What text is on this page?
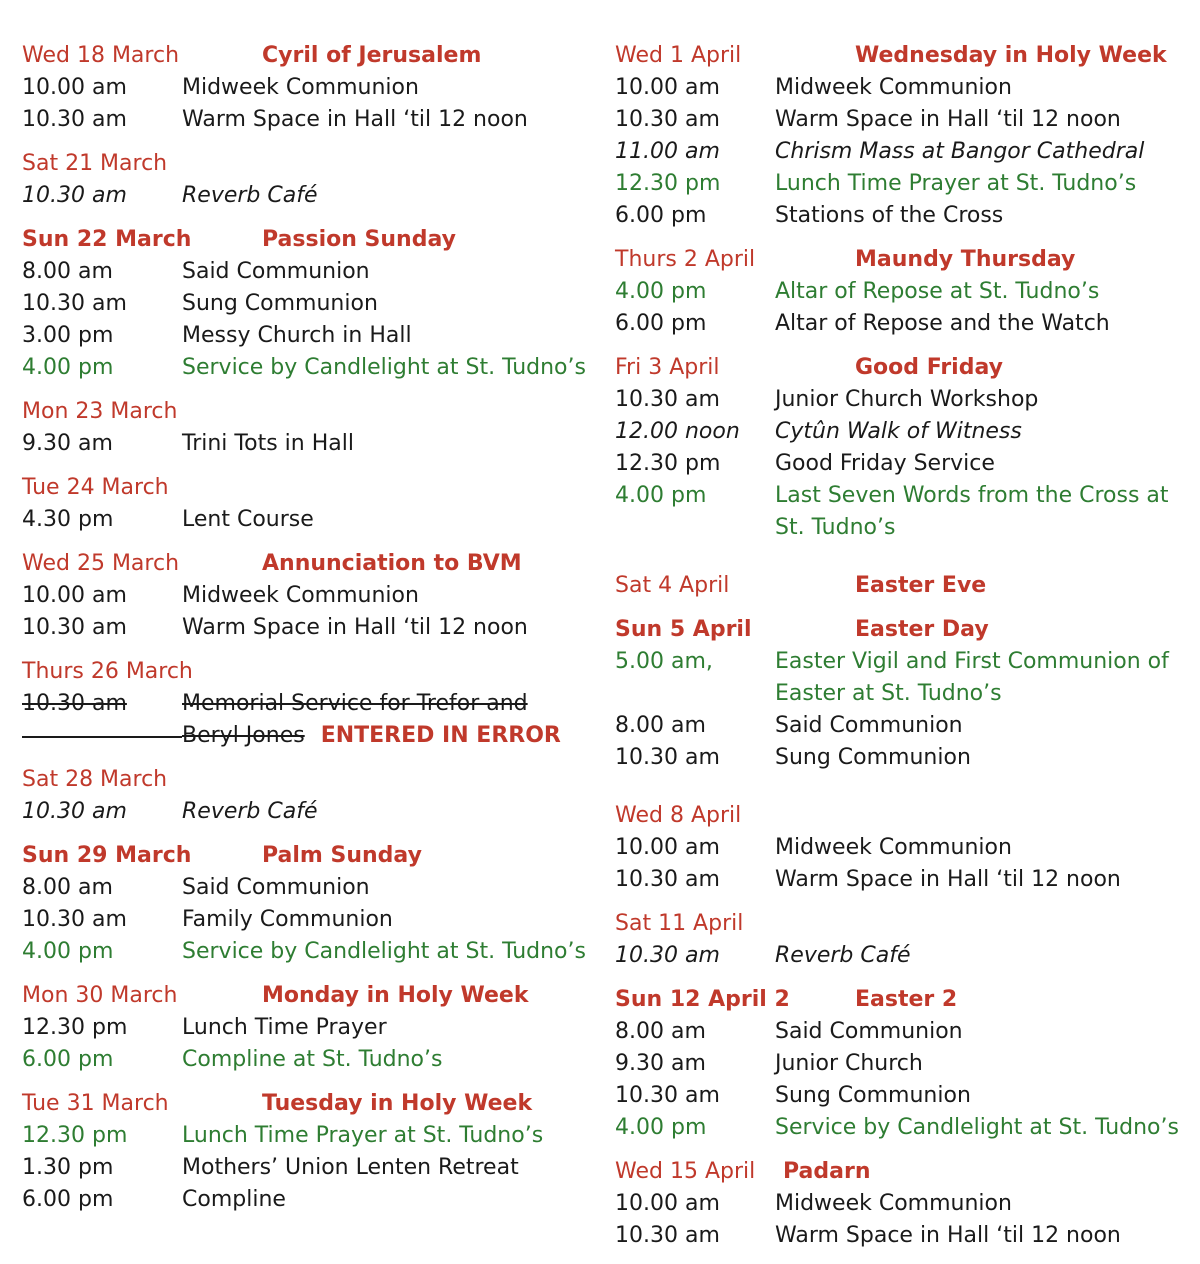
Wed 18 March	Cyril of Jerusalem
10.00 am	Midweek Communion
10.30 am	Warm Space in Hall ‘til 12 noon
Sat 21 March
10.30 am	Reverb Café
Sun 22 March	Passion Sunday
8.00 am	Said Communion
10.30 am	Sung Communion
3.00 pm	Messy Church in Hall
4.00 pm	Service by Candlelight at St. Tudno’s
Mon 23 March
9.30 am	Trini Tots in Hall
Tue 24 March
4.30 pm	Lent Course
Wed 25 March	Annunciation to BVM
10.00 am	Midweek Communion
10.30 am	Warm Space in Hall ‘til 12 noon
Thurs 26 March
10.30 am	Memorial Service for Trefor and
Beryl Jones ENTERED IN ERROR
Sat 28 March
10.30 am	Reverb Café
Sun 29 March	Palm Sunday
8.00 am	Said Communion
10.30 am	Family Communion
4.00 pm	Service by Candlelight at St. Tudno’s
Mon 30 March	Monday in Holy Week
12.30 pm	Lunch Time Prayer
6.00 pm	Compline at St. Tudno’s
Tue 31 March	Tuesday in Holy Week
12.30 pm	Lunch Time Prayer at St. Tudno’s
1.30 pm	Mothers’ Union Lenten Retreat
6.00 pm	Compline
Wed 1 April	Wednesday in Holy Week
10.00 am	Midweek Communion
10.30 am	Warm Space in Hall ‘til 12 noon
11.00 am	Chrism Mass at Bangor Cathedral
12.30 pm	Lunch Time Prayer at St. Tudno’s
6.00 pm	Stations of the Cross
Thurs 2 April	Maundy Thursday
4.00 pm	Altar of Repose at St. Tudno’s
6.00 pm	Altar of Repose and the Watch
Fri 3 April	Good Friday
10.30 am	Junior Church Workshop
12.00 noon	Cytûn Walk of Witness
12.30 pm	Good Friday Service
4.00 pm	Last Seven Words from the Cross at St. Tudno’s
Sat 4 April	Easter Eve
Sun 5 April	Easter Day
5.00 am,	Easter Vigil and First Communion of Easter at St. Tudno’s
8.00 am	Said Communion
10.30 am	Sung Communion
Wed 8 April
10.00 am	Midweek Communion
10.30 am	Warm Space in Hall ‘til 12 noon
Sat 11 April
10.30 am	Reverb Café
Sun 12 April 2	Easter 2
8.00 am	Said Communion
9.30 am	Junior Church
10.30 am	Sung Communion
4.00 pm	Service by Candlelight at St. Tudno’s
Wed 15 April	Padarn
10.00 am	Midweek Communion
10.30 am	Warm Space in Hall ‘til 12 noon
